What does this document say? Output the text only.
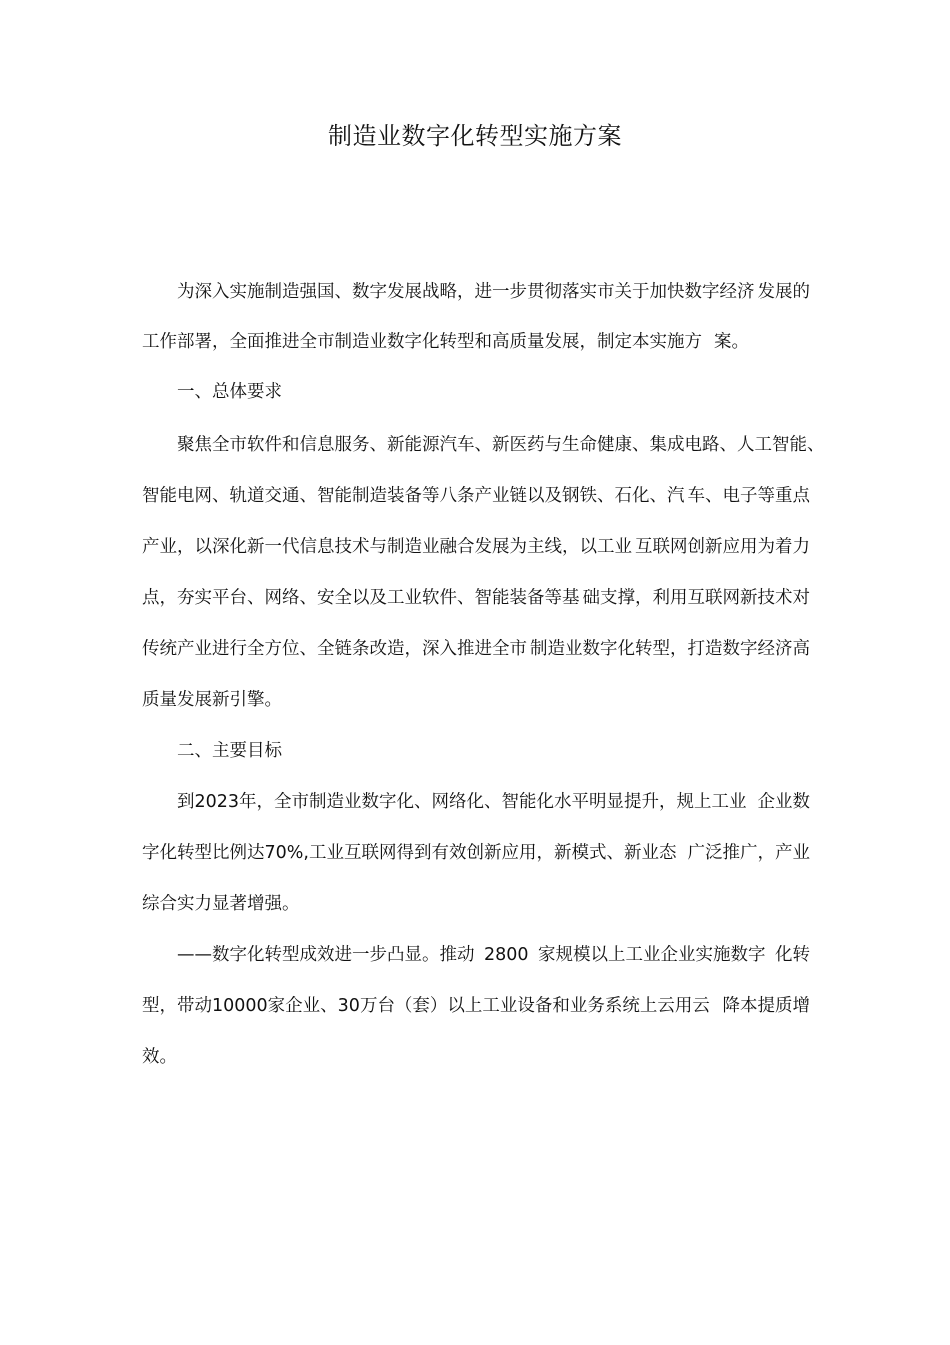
制造业数字化转型实施方案
为深入实施制造强国、数字发展战略，进一步贯彻落实市关于加快数字经济 发展的
工作部署，全面推进全市制造业数字化转型和高质量发展，制定本实施方 案。
一、总体要求
聚焦全市软件和信息服务、新能源汽车、新医药与生命健康、集成电路、人 工智能、
智能电网、轨道交通、智能制造装备等八条产业链以及钢铁、石化、汽 车、电子等重点
产业，以深化新一代信息技术与制造业融合发展为主线，以工业 互联网创新应用为着力
点，夯实平台、网络、安全以及工业软件、智能装备等基 础支撑，利用互联网新技术对
传统产业进行全方位、全链条改造，深入推进全市 制造业数字化转型，打造数字经济高
质量发展新引擎。
二、主要目标
到2023年，全市制造业数字化、网络化、智能化水平明显提升，规上工业 企业数
字化转型比例达70%,工业互联网得到有效创新应用，新模式、新业态 广泛推广，产业
综合实力显著增强。
——数字化转型成效进一步凸显。推动 2800 家规模以上工业企业实施数字 化转
型，带动10000家企业、30万台（套）以上工业设备和业务系统上云用云 降本提质增
效。
